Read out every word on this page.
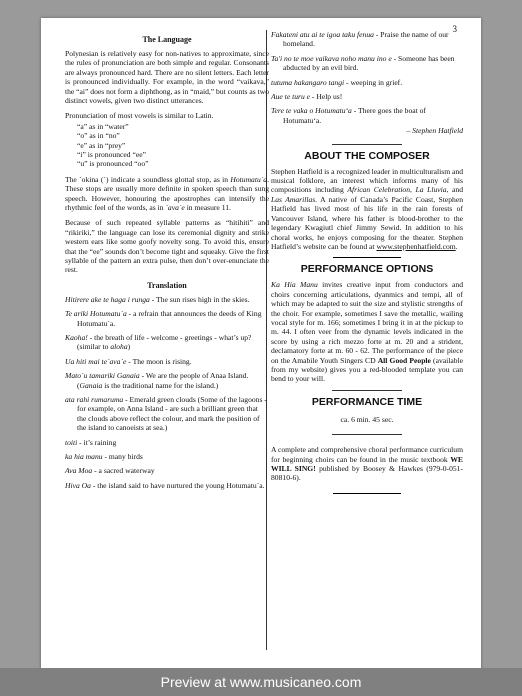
3
The Language

Polynesian is relatively easy for non-natives to approximate, since the rules of pronunciation are both simple and regular. Consonants are always pronounced hard. There are no silent letters. Each letter is pronounced individually. For example, in the word “vaikava,” the “ai” does not form a diphthong, as in “maid,” but counts as two distinct vowels, given two distinct utterances.

Pronunciation of most vowels is similar to Latin.

“a” as in “water”
“o” as in “no”
“e” as in “prey”
“i” is pronounced “ee”
“u” is pronounced “oo”

The `okina (`) indicate a soundless glottal stop, as in Hotumatu`a. These stops are usually more definite in spoken speech than sung speech. However, honouring the apostrophes can intensify the rhythmic feel of the words, as in `ava`e in measure 11.

Because of such repeated syllable patterns as “hitihiti” and “rikiriki,” the language can lose its ceremonial dignity and strike western ears like some goofy novelty song. To avoid this, ensure that the “ee” sounds don’t become tight and squeaky. Give the first syllable of the pattern an extra pulse, then don’t over-enunciate the rest.

Translation
Hitirere ake te haga i runga - The sun rises high in the skies.
Te ariki Hotumatu`a - a refrain that announces the deeds of King Hotumatu`a.
Kaoha! - the breath of life - welcome - greetings - what’s up? (similar to aloha)
Ua hiti mai te`ava`e - The moon is rising.
Mato`u tamariki Ganaia - We are the people of Anaa Island. (Ganaia is the traditional name for the island.)
ata rahi rumaruma - Emerald green clouds (Some of the lagoons - for example, on Anna Island - are such a brilliant green that the clouds above reflect the colour, and mark the position of the island to canoeists at sea.)
toiti - it’s raining
ka hia manu - many birds
Ava Moa - a sacred waterway
Hiva Oa - the island said to have nurtured the young Hotumatu`a.
Fakateni atu ai te igoa taku fenua - Praise the name of our homeland.
Ta'i no te moe vaikava noho manu ino e - Someone has been abducted by an evil bird.
tutuma hakangaro tangi - weeping in grief.
Aue te turu e - Help us!
Tere te vaka o Hotumatu‘a - There goes the boat of Hotumatu‘a.
– Stephen Hatfield
ABOUT THE COMPOSER

Stephen Hatfield is a recognized leader in multiculturalism and musical folklore, an interest which informs many of his compositions including African Celebration, La Lluvia, and Las Amarillas. A native of Canada’s Pacific Coast, Stephen Hatfield has lived most of his life in the rain forests of Vancouver Island, where his father is blood-brother to the legendary Kwagiutl chief Jimmy Sewid. In addition to his choral works, he enjoys composing for the theater. Stephen Hatfield’s website can be found at www.stephenhatfield.com.

PERFORMANCE OPTIONS

Ka Hia Manu invites creative input from conductors and choirs concerning articulations, dyanmics and tempi, all of which may be adapted to suit the size and stylistic strengths of the choir. For example, sometimes I save the metallic, wailing vocal style for m. 166; sometimes I bring it in at the pickup to m. 44. I often veer from the dynamic levels indicated in the score by using a rich mezzo forte at m. 20 and a strident, declamatory forte at m. 60 - 62. The performance of the piece on the Amabile Youth Singers CD All Good People (available from my website) gives you a red-blooded template you can bend to your will.

PERFORMANCE TIME
ca. 6 min. 45 sec.

A complete and comprehensive choral performance curriculum for beginning choirs can be found in the music textbook WE WILL SING! published by Boosey & Hawkes (979-0-051-80810-6).

Preview at www.musicaneo.com
